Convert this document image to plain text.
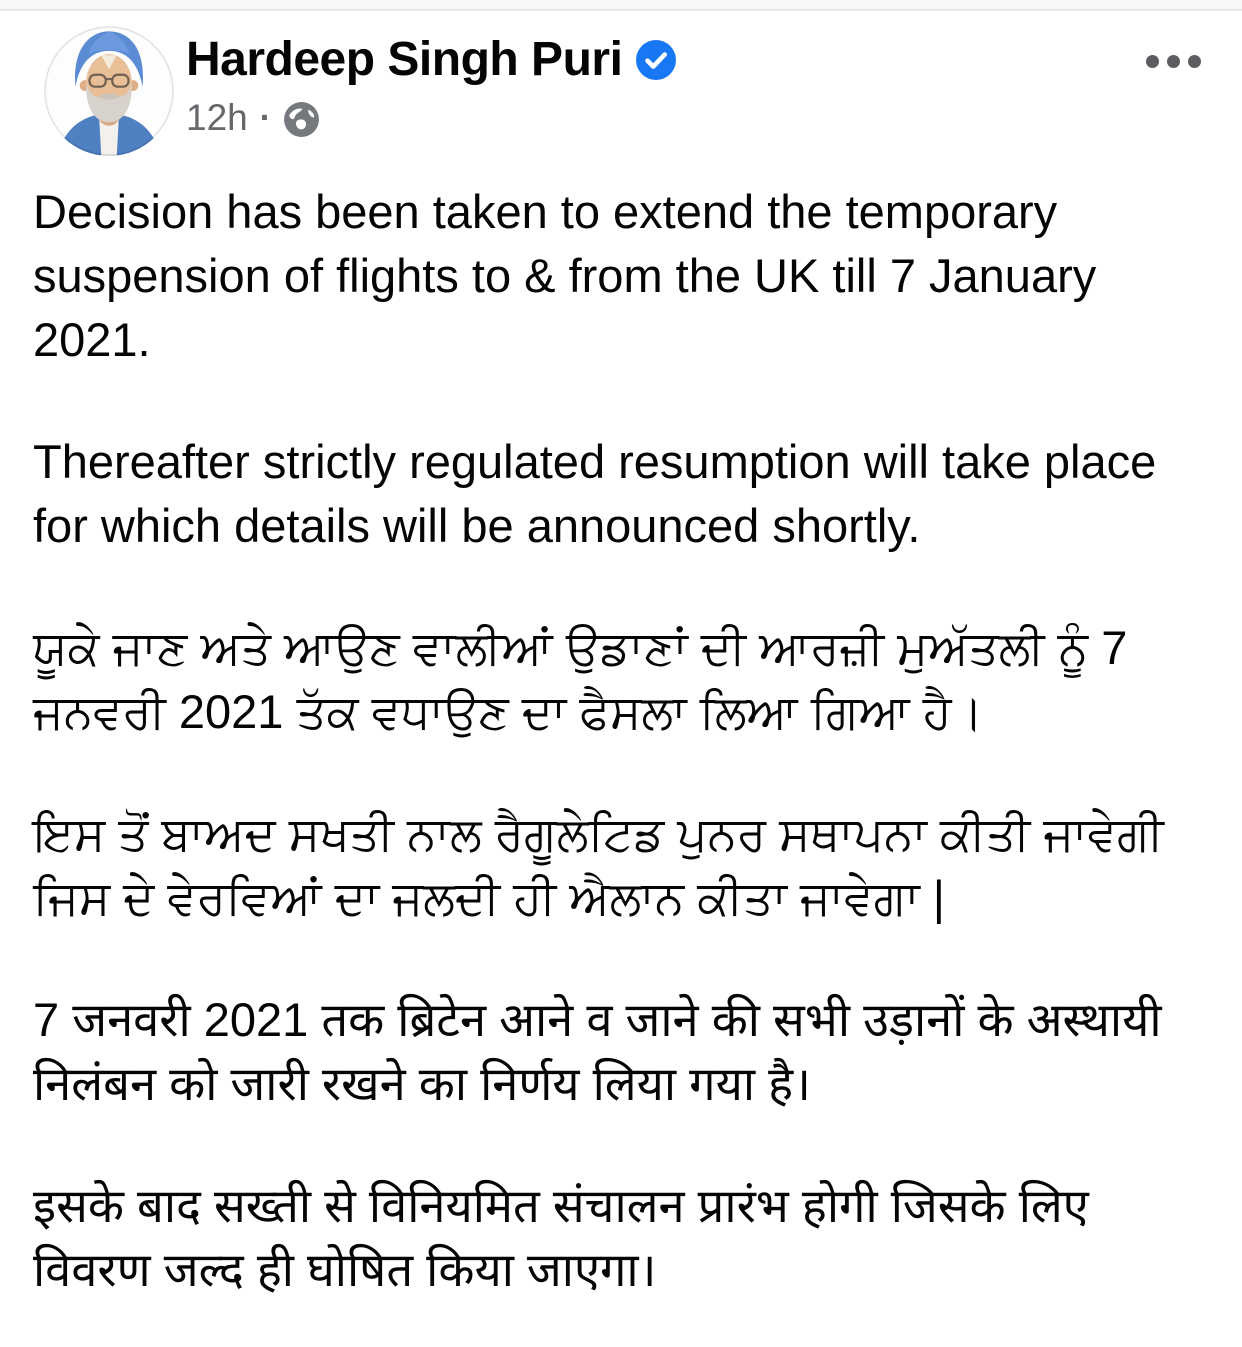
Hardeep Singh Puri
12h ·

Decision has been taken to extend the temporary suspension of flights to & from the UK till 7 January 2021.

Thereafter strictly regulated resumption will take place for which details will be announced shortly.

ਯੂਕੇ ਜਾਣ ਅਤੇ ਆਉਣ ਵਾਲੀਆਂ ਉਡਾਣਾਂ ਦੀ ਆਰਜ਼ੀ ਮੁਅੱਤਲੀ ਨੂੰ 7 ਜਨਵਰੀ 2021 ਤੱਕ ਵਧਾਉਣ ਦਾ ਫੈਸਲਾ ਲਿਆ ਗਿਆ ਹੈ।

ਇਸ ਤੋਂ ਬਾਅਦ ਸਖਤੀ ਨਾਲ ਰੈਗੂਲੇਟਿਡ ਪੁਨਰ ਸਥਾਪਨਾ ਕੀਤੀ ਜਾਵੇਗੀ ਜਿਸ ਦੇ ਵੇਰਵਿਆਂ ਦਾ ਜਲਦੀ ਹੀ ਐਲਾਨ ਕੀਤਾ ਜਾਵੇਗਾ |

7 जनवरी 2021 तक ब्रिटेन आने व जाने की सभी उड़ानों के अस्थायी निलंबन को जारी रखने का निर्णय लिया गया है।

इसके बाद सख्ती से विनियमित संचालन प्रारंभ होगी जिसके लिए विवरण जल्द ही घोषित किया जाएगा।
